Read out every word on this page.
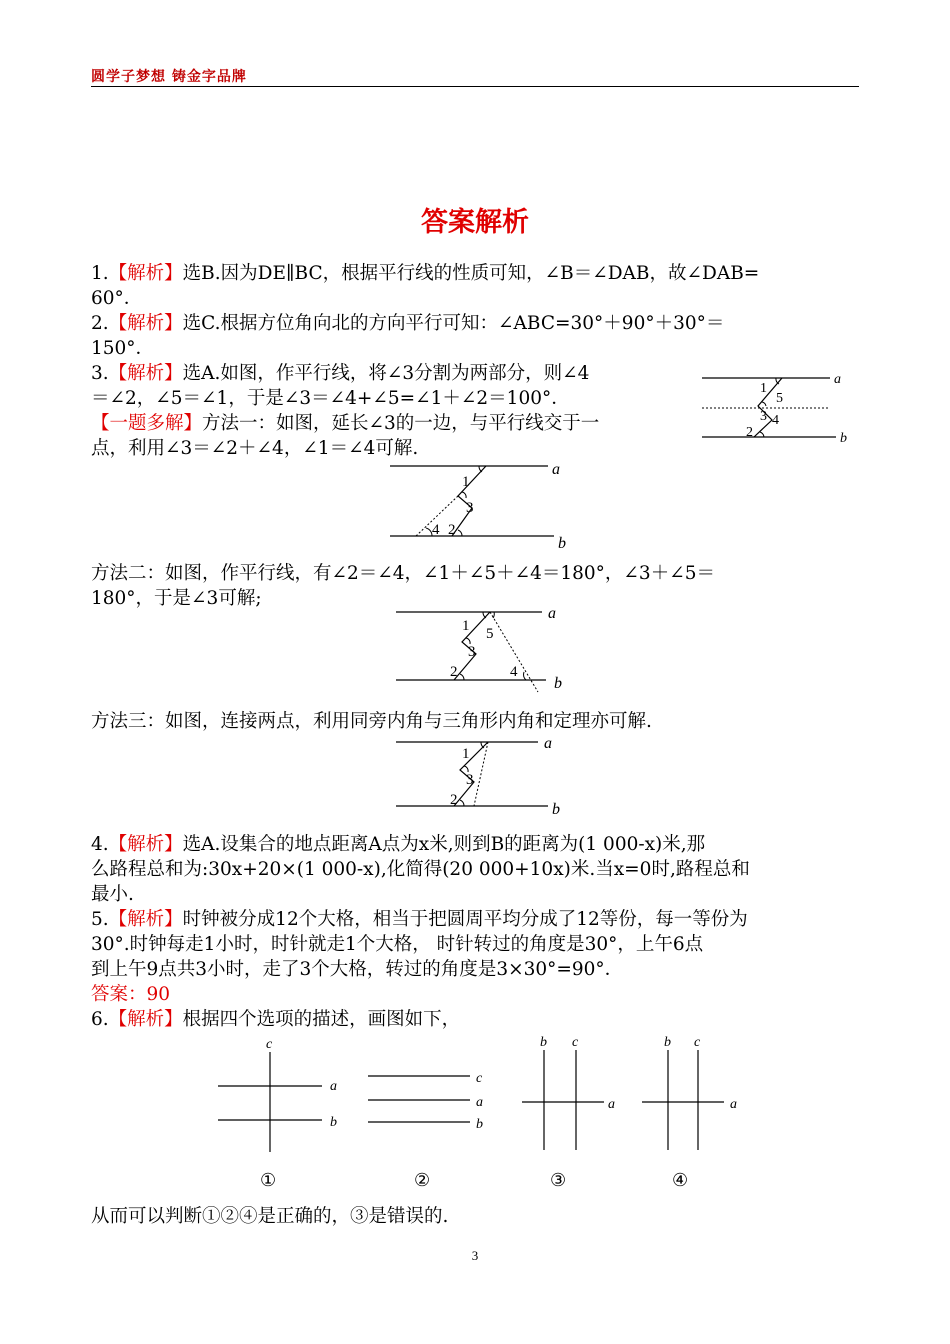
圆学子梦想 铸金字品牌
答案解析
1.【解析】选B.因为DE∥BC，根据平行线的性质可知，∠B＝∠DAB，故∠DAB=
60°．
2.【解析】选C.根据方位角向北的方向平行可知：∠ABC=30°＋90°＋30°＝
150°．
3.【解析】选A.如图，作平行线，将∠3分割为两部分，则∠4
＝∠2，∠5＝∠1，于是∠3＝∠4+∠5=∠1＋∠2＝100°．
【一题多解】方法一：如图，延长∠3的一边，与平行线交于一
点，利用∠3＝∠2＋∠4，∠1＝∠4可解.
1
5
3 4
2
a
b
1
3
4 2
a
b
方法二：如图，作平行线，有∠2＝∠4，∠1＋∠5＋∠4＝180°，∠3＋∠5＝
180°，于是∠3可解;
1 5
3
2	4
a
b
方法三：如图，连接两点，利用同旁内角与三角形内角和定理亦可解.
1
3
2
a
b
4.【解析】选A.设集合的地点距离A点为x米,则到B的距离为(1 000-x)米,那
么路程总和为:30x+20×(1 000-x),化简得(20 000+10x)米.当x=0时,路程总和
最小.
5.【解析】时钟被分成12个大格，相当于把圆周平均分成了12等份，每一等份为
30°.时钟每走1小时，时针就走1个大格， 时针转过的角度是30°，上午6点
到上午9点共3小时，走了3个大格，转过的角度是3×30°=90°．
答案：90
6.【解析】根据四个选项的描述，画图如下，
c
a
b
①
c
a
b
②
b c
a
③
b c
a
④
从而可以判断①②④是正确的，③是错误的.
3
